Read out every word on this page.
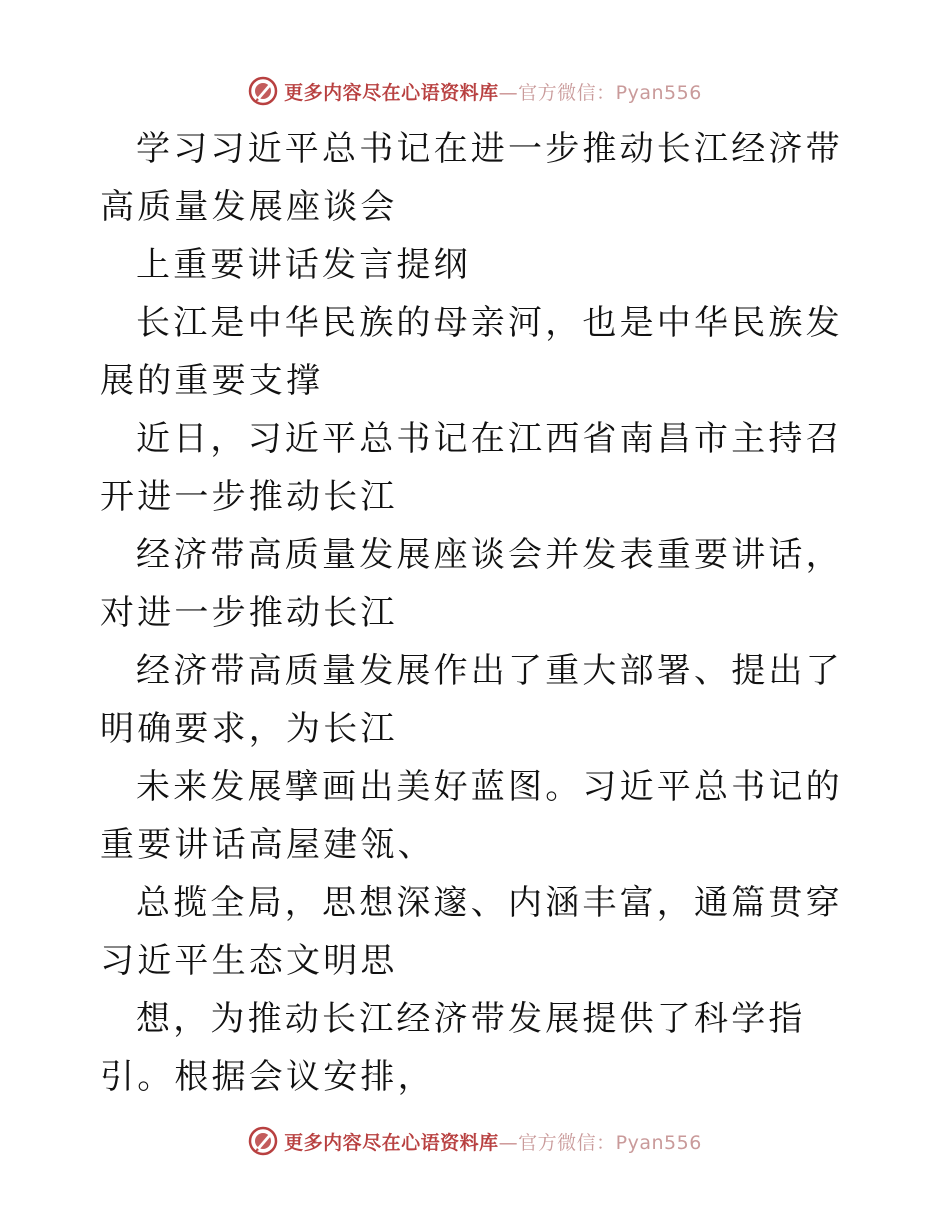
更多内容尽在心语资料库—官方微信：Pyan556

学习习近平总书记在进一步推动长江经济带高质量发展座谈会

上重要讲话发言提纲

长江是中华民族的母亲河，也是中华民族发展的重要支撑

近日，习近平总书记在江西省南昌市主持召开进一步推动长江

经济带高质量发展座谈会并发表重要讲话，对进一步推动长江

经济带高质量发展作出了重大部署、提出了明确要求，为长江

未来发展擘画出美好蓝图。习近平总书记的重要讲话高屋建瓴、

总揽全局，思想深邃、内涵丰富，通篇贯穿习近平生态文明思

想，为推动长江经济带发展提供了科学指引。根据会议安排，

更多内容尽在心语资料库—官方微信：Pyan556
